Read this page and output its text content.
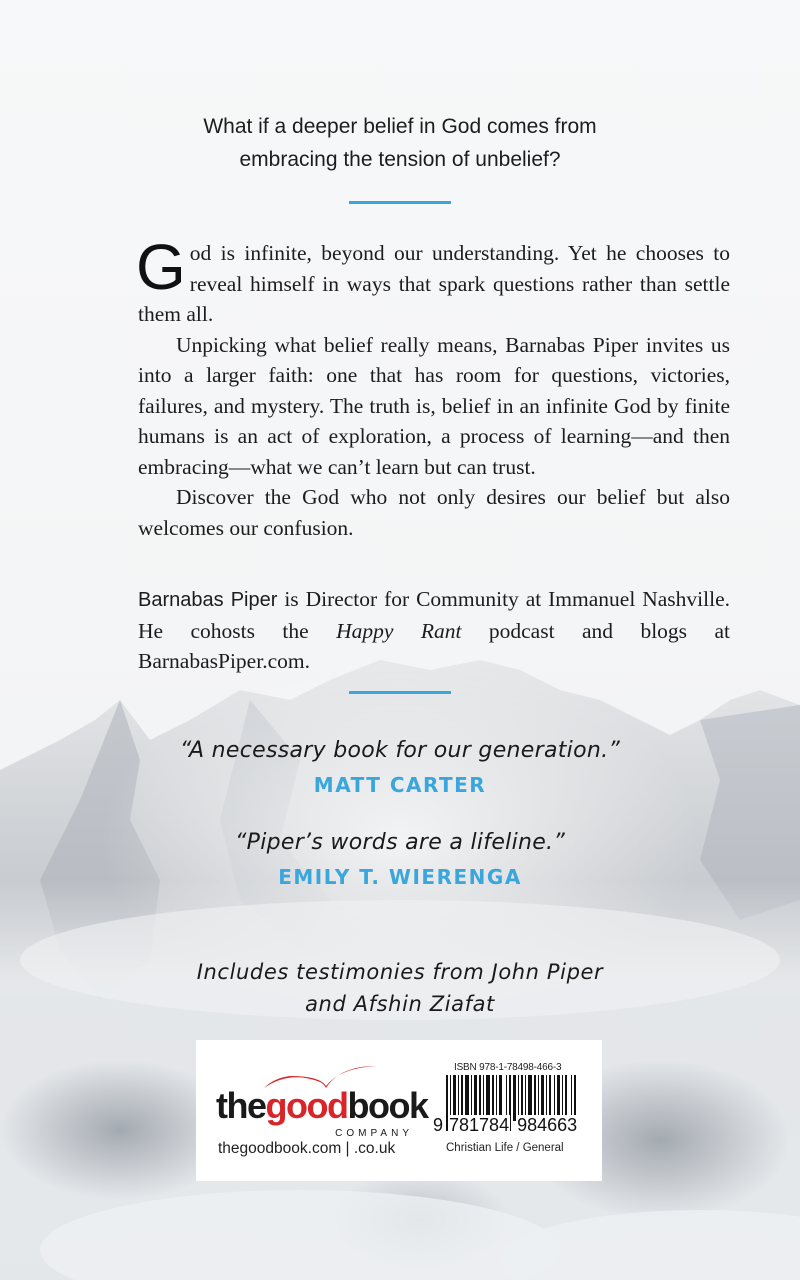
What if a deeper belief in God comes from
embracing the tension of unbelief?

God is infinite, beyond our understanding. Yet he chooses to reveal himself in ways that spark questions rather than settle them all.

Unpicking what belief really means, Barnabas Piper invites us into a larger faith: one that has room for questions, victories, failures, and mystery. The truth is, belief in an infinite God by finite humans is an act of exploration, a process of learning—and then embracing—what we can’t learn but can trust.

Discover the God who not only desires our belief but also welcomes our confusion.

Barnabas Piper is Director for Community at Immanuel Nashville. He cohosts the Happy Rant podcast and blogs at BarnabasPiper.com.
“A necessary book for our generation.”
MATT CARTER
“Piper’s words are a lifeline.”
EMILY T. WIERENGA
Includes testimonies from John Piper
and Afshin Ziafat
thegoodbook
COMPANY
thegoodbook.com | .co.uk
ISBN 978-1-78498-466-3
9 781784 984663
Christian Life / General
